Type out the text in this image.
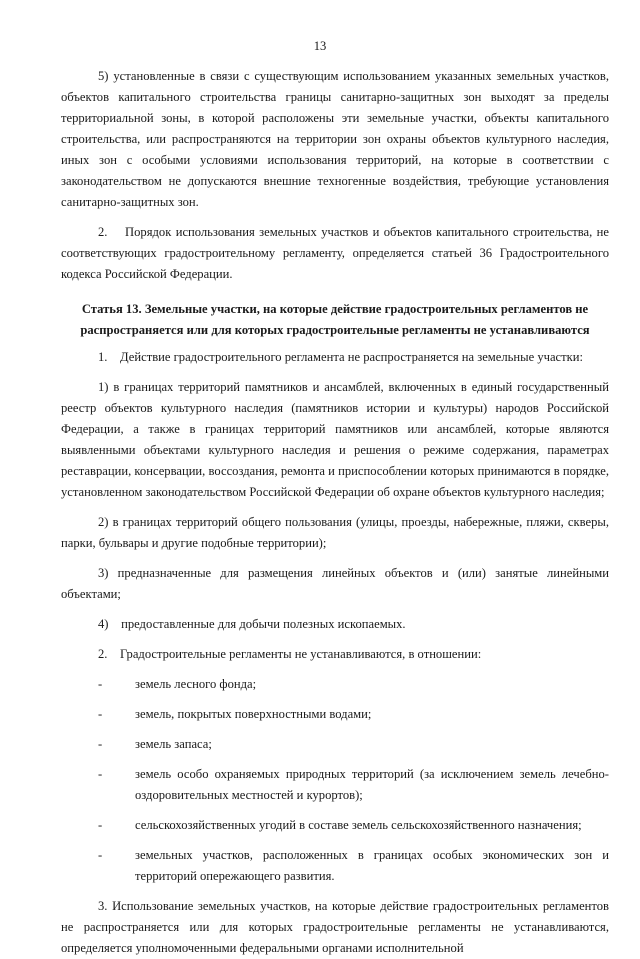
13

5) установленные в связи с существующим использованием указанных земельных участков, объектов капитального строительства границы санитарно-защитных зон выходят за пределы территориальной зоны, в которой расположены эти земельные участки, объекты капитального строительства, или распространяются на территории зон охраны объектов культурного наследия, иных зон с особыми условиями использования территорий, на которые в соответствии с законодательством не допускаются внешние техногенные воздействия, требующие установления санитарно-защитных зон.

2.    Порядок использования земельных участков и объектов капитального строительства, не соответствующих градостроительному регламенту, определяется статьей 36 Градостроительного кодекса Российской Федерации.

Статья 13. Земельные участки, на которые действие градостроительных регламентов не распространяется или для которых градостроительные регламенты не устанавливаются

1.    Действие градостроительного регламента не распространяется на земельные участки:

1) в границах территорий памятников и ансамблей, включенных в единый государственный реестр объектов культурного наследия (памятников истории и культуры) народов Российской Федерации, а также в границах территорий памятников или ансамблей, которые являются выявленными объектами культурного наследия и решения о режиме содержания, параметрах реставрации, консервации, воссоздания, ремонта и приспособлении которых принимаются в порядке, установленном законодательством Российской Федерации об охране объектов культурного наследия;

2) в границах территорий общего пользования (улицы, проезды, набережные, пляжи, скверы, парки, бульвары и другие подобные территории);

3) предназначенные для размещения линейных объектов и (или) занятые линейными объектами;

4)    предоставленные для добычи полезных ископаемых.

2.    Градостроительные регламенты не устанавливаются, в отношении:

-	земель лесного фонда;
-	земель, покрытых поверхностными водами;
-	земель запаса;
-	земель особо охраняемых природных территорий (за исключением земель лечебно-оздоровительных местностей и курортов);
-	сельскохозяйственных угодий в составе земель сельскохозяйственного назначения;
-	земельных участков, расположенных в границах особых экономических зон и территорий опережающего развития.

3. Использование земельных участков, на которые действие градостроительных регламентов не распространяется или для которых градостроительные регламенты не устанавливаются, определяется уполномоченными федеральными органами исполнительной
